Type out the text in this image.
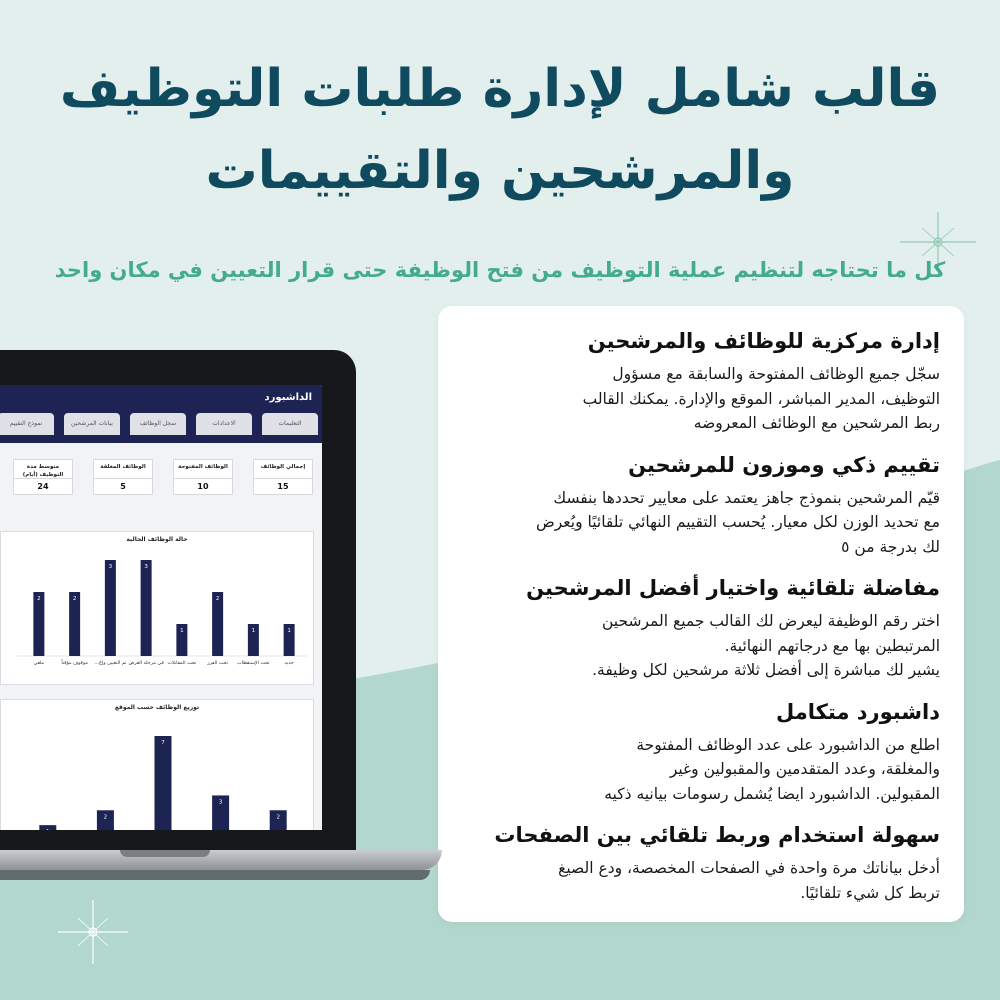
قالب شامل لإدارة طلبات التوظيف والمرشحين والتقييمات
كل ما تحتاجه لتنظيم عملية التوظيف من فتح الوظيفة حتى قرار التعيين في مكان واحد
إدارة مركزية للوظائف والمرشحين

سجّل جميع الوظائف المفتوحة والسابقة مع مسؤول
التوظيف، المدير المباشر، الموقع والإدارة. يمكنك القالب
ربط المرشحين مع الوظائف المعروضه

تقييم ذكي وموزون للمرشحين

قيّم المرشحين بنموذج جاهز يعتمد على معايير تحددها بنفسك
مع تحديد الوزن لكل معيار. يُحسب التقييم النهائي تلقائيًا ويُعرض
لك بدرجة من ٥

مفاضلة تلقائية واختيار أفضل المرشحين

اختر رقم الوظيفة ليعرض لك القالب جميع المرشحين
المرتبطين بها مع درجاتهم النهائية.
يشير لك مباشرة إلى أفضل ثلاثة مرشحين لكل وظيفة.

داشبورد متكامل

اطلع من الداشبورد على عدد الوظائف المفتوحة
والمغلقة، وعدد المتقدمين والمقبولين وغير
المقبولين. الداشبورد ايضا يُشمل رسومات بيانيه ذكيه

سهولة استخدام وربط تلقائي بين الصفحات

أدخل بياناتك مرة واحدة في الصفحات المخصصة، ودع الصيغ
تربط كل شيء تلقائيًا.

الداشبورد
التعليمات
الاعدادات
سجل الوظائف
بيانات المرشحين
نموذج التقييم
إجمالي الوظائف
15
الوظائف المفتوحة
10
الوظائف المغلقة
5
متوسط مدة التوظيف (أيام)
24
حالة الوظائف الحالية
1
جديد
1
تحت الإستقطاب
2
تحت الفرز
1
تحت المقابلات
3
في مرحلة العرض
3
تم التعيين وإغ…
2
موقوف مؤقتاً
2
ملغي
توزيع الوظائف حسب الموقع
2
3
7
2
